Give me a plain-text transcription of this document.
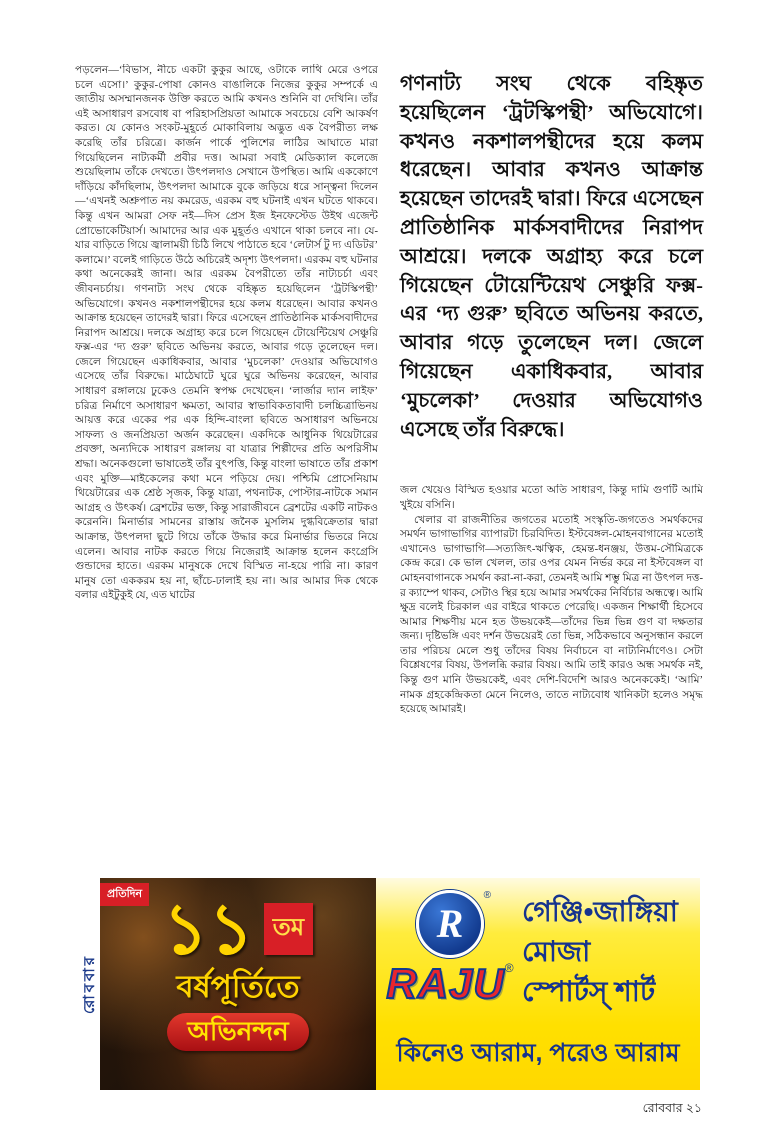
পড়লেন—‘বিভাস, নীচে একটা কুকুর আছে, ওটাকে লাথি মেরে ওপরে চলে এসো।’ কুকুর-পোষা কোনও বাঙালিকে নিজের কুকুর সম্পর্কে এ জাতীয় অসম্মানজনক উক্তি করতে আমি কখনও শুনিনি বা দেখিনি। তাঁর এই অসাধারণ রসবোধ বা পরিহাসপ্রিয়তা আমাকে সবচেয়ে বেশি আকর্ষণ করত। যে কোনও সংকট-মুহূর্তে মোকাবিলায় অদ্ভুত এক বৈপরীত্য লক্ষ করেছি তাঁর চরিত্রে। কার্জন পার্কে পুলিশের লাঠির আঘাতে মারা গিয়েছিলেন নাট্যকর্মী প্রবীর দত্ত। আমরা সবাই মেডিক্যাল কলেজে শুয়েছিলাম তাঁকে দেখতে। উৎপলদাও সেখানে উপস্থিত। আমি এককোণে দাঁড়িয়ে কাঁদছিলাম, উৎপলদা আমাকে বুকে জড়িয়ে ধরে সান্ত্বনা দিলেন—‘এখনই অশ্রুপাত নয় কমরেড, এরকম বহু ঘটনাই এখন ঘটতে থাকবে। কিন্তু এখন আমরা সেফ নই—দিস প্রেস ইজ ইনফেস্টেড উইথ এজেন্ট প্রোভোকেটিয়ার্স। আমাদের আর এক মুহূর্তও এখানে থাকা চলবে না। যে-যার বাড়িতে গিয়ে জ্বালাময়ী চিঠি লিখে পাঠাতে হবে ‘লেটার্স টু দ্য এডিটর’ কলামে।’ বলেই গাড়িতে উঠে অচিরেই অদৃশ্য উৎপলদা। এরকম বহু ঘটনার কথা অনেকেরই জানা। আর এরকম বৈপরীত্যে তাঁর নাট্যচর্চা এবং জীবনচর্চায়। গণনাট্য সংঘ থেকে বহিষ্কৃত হয়েছিলেন ‘ট্রটস্কিপন্থী’ অভিযোগে। কখনও নকশালপন্থীদের হয়ে কলম ধরেছেন। আবার কখনও আক্রান্ত হয়েছেন তাদেরই দ্বারা। ফিরে এসেছেন প্রাতিষ্ঠানিক মার্কসবাদীদের নিরাপদ আশ্রয়ে। দলকে অগ্রাহ্য করে চলে গিয়েছেন টোয়েন্টিয়েথ সেঞ্চুরি ফক্স-এর ‘দ্য গুরু’ ছবিতে অভিনয় করতে, আবার গড়ে তুলেছেন দল। জেলে গিয়েছেন একাধিকবার, আবার ‘মুচলেকা’ দেওয়ার অভিযোগও এসেছে তাঁর বিরুদ্ধে। মাঠেঘাটে ঘুরে ঘুরে অভিনয় করেছেন, আবার সাধারণ রঙ্গালয়ে ঢুকেও তেমনি স্বপক্ষ দেখেছেন। ‘লার্জার দ্যান লাইফ’ চরিত্র নির্মাণে অসাধারণ ক্ষমতা, আবার স্বাভাবিকতাবাদী চলচ্চিত্রাভিনয় আয়ত্ত করে একের পর এক হিন্দি-বাংলা ছবিতে অসাধারণ অভিনয়ে সাফল্য ও জনপ্রিয়তা অর্জন করেছেন। একদিকে আধুনিক থিয়েটারের প্রবক্তা, অন্যদিকে সাধারণ রঙ্গালয় বা যাত্রার শিল্পীদের প্রতি অপরিসীম শ্রদ্ধা। অনেকগুলো ভাষাতেই তাঁর বুৎপত্তি, কিন্তু বাংলা ভাষাতে তাঁর প্রকাশ এবং মুক্তি—মাইকেলের কথা মনে পড়িয়ে দেয়। পশ্চিমি প্রোসেনিয়াম থিয়েটারের এক শ্রেষ্ঠ সৃজক, কিন্তু যাত্রা, পথনাটক, পোস্টার-নাটকে সমান আগ্রহ ও উৎকর্ষ। ব্রেশটের ভক্ত, কিন্তু সারাজীবনে ব্রেশটের একটি নাটকও করেননি। মিনার্ভার সামনের রাস্তায় জনৈক মুসলিম দুগ্ধবিক্রেতার দ্বারা আক্রান্ত, উৎপলদা ছুটে গিয়ে তাঁকে উদ্ধার করে মিনার্ভার ভিতরে নিয়ে এলেন। আবার নাটক করতে গিয়ে নিজেরাই আক্রান্ত হলেন কংগ্রেসি গুন্ডাদের হাতে। এরকম মানুষকে দেখে বিস্মিত না-হয়ে পারি না। কারণ মানুষ তো এককরম হয় না, ছাঁচে-ঢালাই হয় না। আর আমার দিক থেকে বলার এইটুকুই যে, এত ঘাটের

গণনাট্য সংঘ থেকে বহিষ্কৃত হয়েছিলেন ‘ট্রটস্কিপন্থী’ অভিযোগে। কখনও নকশালপন্থীদের হয়ে কলম ধরেছেন। আবার কখনও আক্রান্ত হয়েছেন তাদেরই দ্বারা। ফিরে এসেছেন প্রাতিষ্ঠানিক মার্কসবাদীদের নিরাপদ আশ্রয়ে। দলকে অগ্রাহ্য করে চলে গিয়েছেন টোয়েন্টিয়েথ সেঞ্চুরি ফক্স-এর ‘দ্য গুরু’ ছবিতে অভিনয় করতে, আবার গড়ে তুলেছেন দল। জেলে গিয়েছেন একাধিকবার, আবার ‘মুচলেকা’ দেওয়ার অভিযোগও এসেছে তাঁর বিরুদ্ধে।

জল খেয়েও বিস্মিত হওয়ার মতো অতি সাধারণ, কিন্তু দামি গুণটি আমি খুইয়ে বসিনি।

খেলার বা রাজনীতির জগতের মতোই সংস্কৃতি-জগতেও সমর্থকদের সমর্থন ভাগাভাগির ব্যাপারটা চিরবিদিত। ইস্টবেঙ্গল-মোহনবাগানের মতোই এখানেও ভাগাভাগি—সত্যজিৎ-ঋত্বিক, হেমন্ত-ধনঞ্জয়, উত্তম-সৌমিত্রকে কেন্দ্র করে। কে ভাল খেলল, তার ওপর যেমন নির্ভর করে না ইস্টবেঙ্গল বা মোহনবাগানকে সমর্থন করা-না-করা, তেমনই আমি শম্ভু মিত্র না উৎপল দত্ত-র ক্যাম্পে থাকব, সেটাও স্থির হয়ে আমার সমর্থকের নির্বিচার অন্ধত্বে। আমি ক্ষুদ্র বলেই চিরকাল এর বাইরে থাকতে পেরেছি। একজন শিক্ষার্থী হিসেবে আমার শিক্ষণীয় মনে হত উভয়কেই—তাঁদের ভিন্ন ভিন্ন গুণ বা দক্ষতার জন্য। দৃষ্টিভঙ্গি এবং দর্শন উভয়েরই তো ভিন্ন, সঠিকভাবে অনুসন্ধান করলে তার পরিচয় মেলে শুধু তাঁদের বিষয় নির্বাচনে বা নাট্যনির্মাণেও। সেটা বিশ্লেষণের বিষয়, উপলব্ধি করার বিষয়। আমি তাই কারও অন্ধ সমর্থক নই, কিন্তু গুণ মানি উভয়কেই, এবং দেশি-বিদেশি আরও অনেককেই। ‘আমি’ নামক গ্রহকেন্দ্রিকতা মেনে নিলেও, তাতে নাট্যবোধ খানিকটা হলেও সমৃদ্ধ হয়েছে আমারই।

রোববার
প্রতিদিন ১১ তম
বর্ষপূর্তিতে
অভিনন্দন
R
®
RAJU®
গেঞ্জি•জাঙ্গিয়া
মোজা
স্পোর্টস্ শার্ট
কিনেও আরাম, পরেও আরাম
রোববার ২১
